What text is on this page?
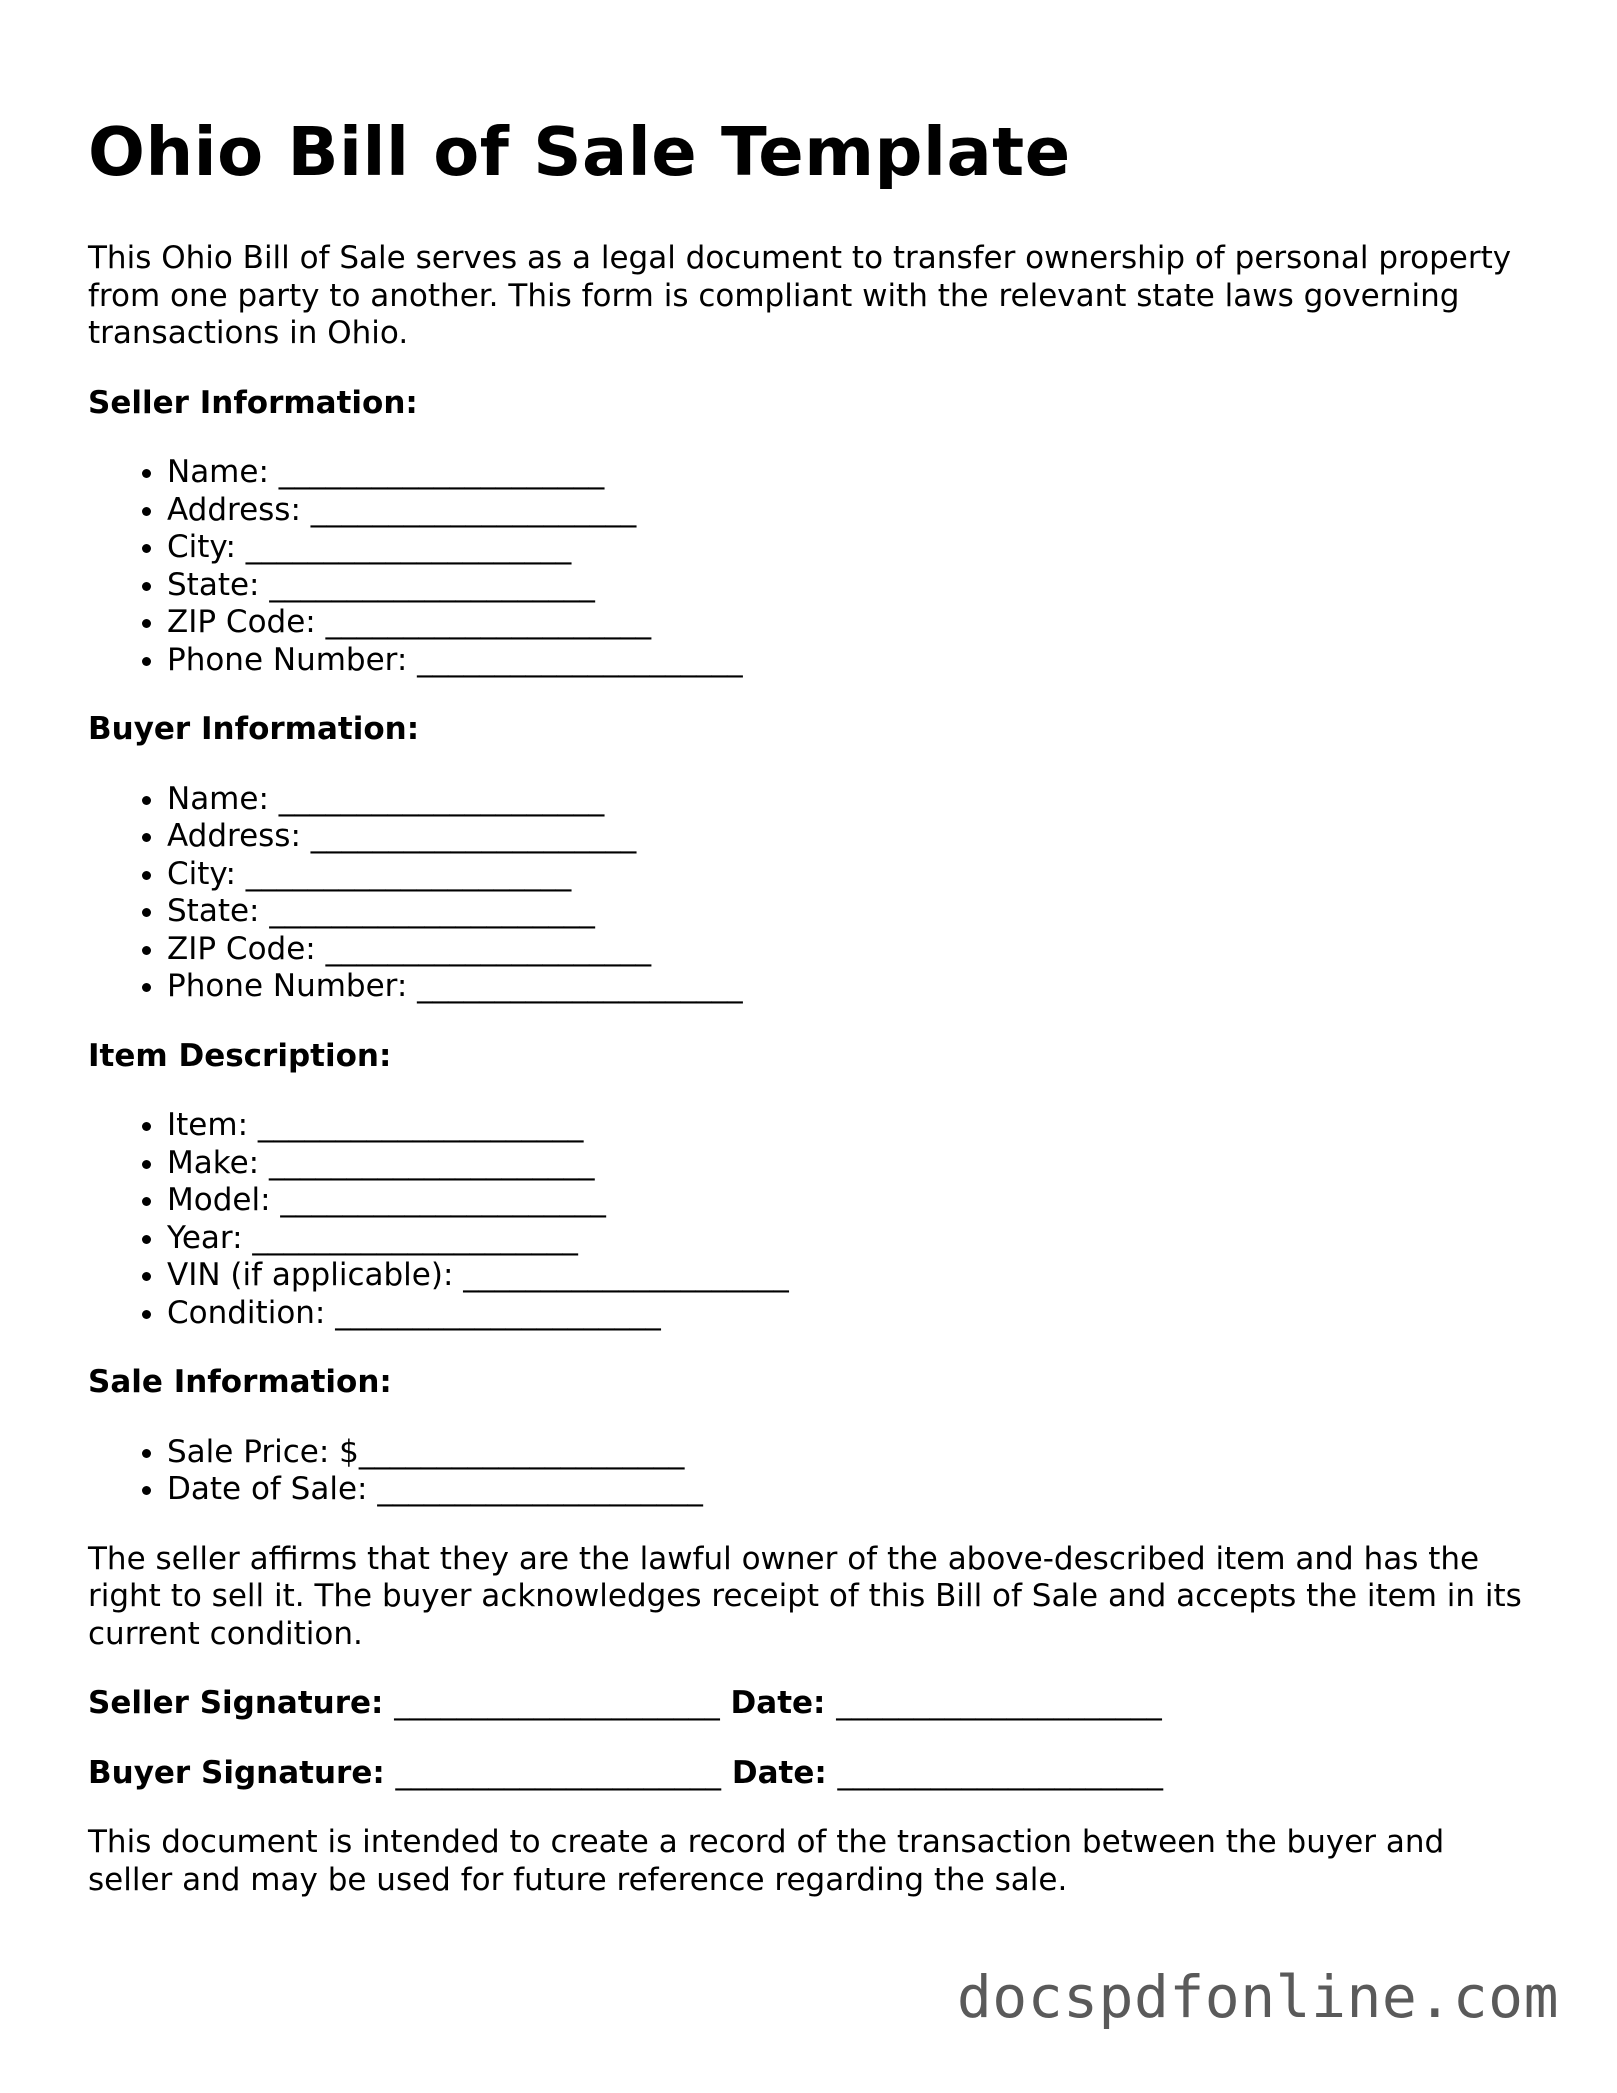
Ohio Bill of Sale Template

This Ohio Bill of Sale serves as a legal document to transfer ownership of personal property from one party to another. This form is compliant with the relevant state laws governing transactions in Ohio.

Seller Information:
• Name: _____________________
• Address: _____________________
• City: _____________________
• State: _____________________
• ZIP Code: _____________________
• Phone Number: _____________________
Buyer Information:
• Name: _____________________
• Address: _____________________
• City: _____________________
• State: _____________________
• ZIP Code: _____________________
• Phone Number: _____________________
Item Description:
• Item: _____________________
• Make: _____________________
• Model: _____________________
• Year: _____________________
• VIN (if applicable): _____________________
• Condition: _____________________
Sale Information:
• Sale Price: $_____________________
• Date of Sale: _____________________

The seller affirms that they are the lawful owner of the above-described item and has the right to sell it. The buyer acknowledges receipt of this Bill of Sale and accepts the item in its current condition.

Seller Signature: _____________________ Date: _____________________
Buyer Signature: _____________________ Date: _____________________

This document is intended to create a record of the transaction between the buyer and seller and may be used for future reference regarding the sale.

docspdfonline.com
